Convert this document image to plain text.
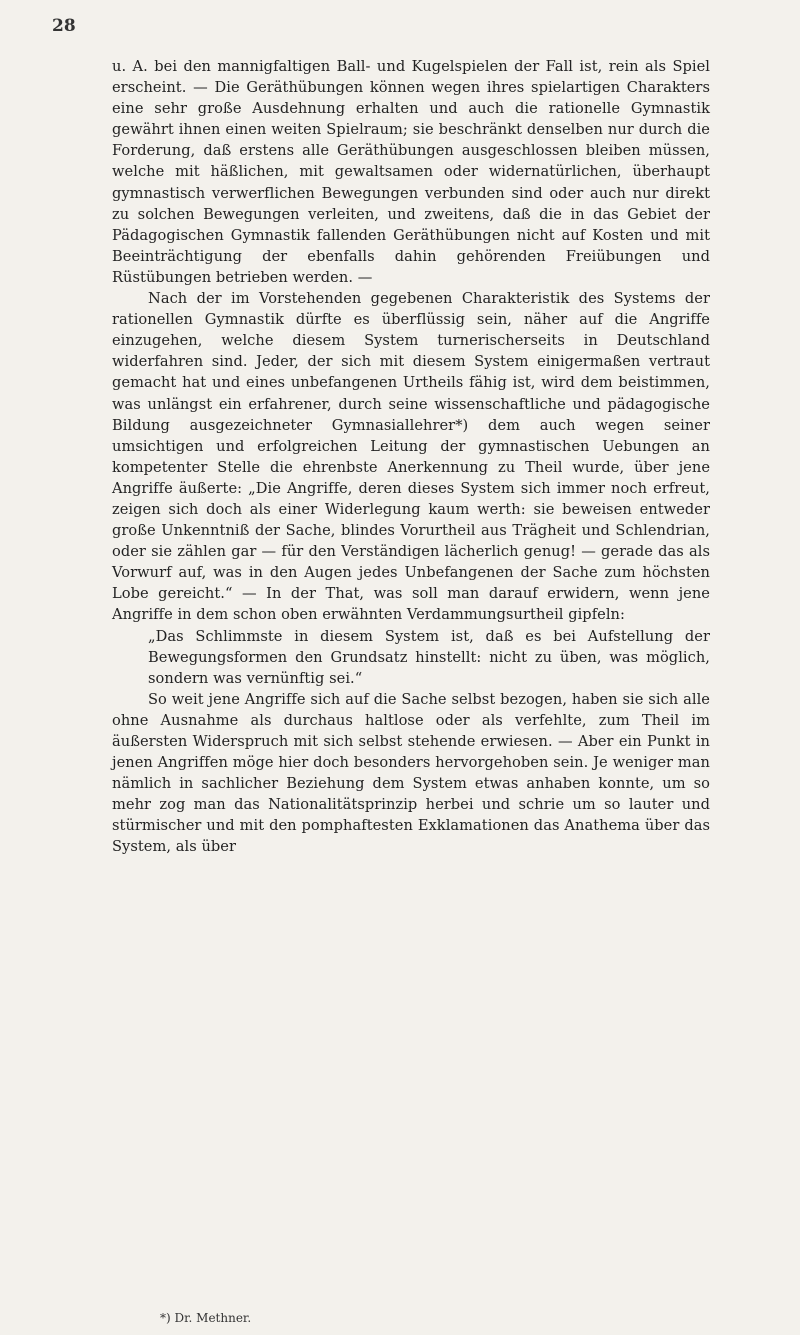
28

u. A. bei den mannigfaltigen Ball- und Kugelspielen der Fall ist, rein als Spiel erscheint. — Die Geräthübungen können wegen ihres spielartigen Charakters eine sehr große Ausdehnung erhalten und auch die rationelle Gymnastik gewährt ihnen einen weiten Spielraum; sie beschränkt denselben nur durch die Forderung, daß erstens alle Geräthübungen ausgeschlossen bleiben müssen, welche mit häßlichen, mit gewaltsamen oder widernatürlichen, überhaupt gymnastisch verwerflichen Bewegungen verbunden sind oder auch nur direkt zu solchen Bewegungen verleiten, und zweitens, daß die in das Gebiet der Pädagogischen Gymnastik fallenden Geräthübungen nicht auf Kosten und mit Beeinträchtigung der ebenfalls dahin gehörenden Freiübungen und Rüstübungen betrieben werden. —

Nach der im Vorstehenden gegebenen Charakteristik des Systems der rationellen Gymnastik dürfte es überflüssig sein, näher auf die Angriffe einzugehen, welche diesem System turnerischerseits in Deutschland widerfahren sind. Jeder, der sich mit diesem System einigermaßen vertraut gemacht hat und eines unbefangenen Urtheils fähig ist, wird dem beistimmen, was unlängst ein erfahrener, durch seine wissenschaftliche und pädagogische Bildung ausgezeichneter Gymnasiallehrer*) dem auch wegen seiner umsichtigen und erfolgreichen Leitung der gymnastischen Uebungen an kompetenter Stelle die ehrenbste Anerkennung zu Theil wurde, über jene Angriffe äußerte: „Die Angriffe, deren dieses System sich immer noch erfreut, zeigen sich doch als einer Widerlegung kaum werth: sie beweisen entweder große Unkenntniß der Sache, blindes Vorurtheil aus Trägheit und Schlendrian, oder sie zählen gar — für den Verständigen lächerlich genug! — gerade das als Vorwurf auf, was in den Augen jedes Unbefangenen der Sache zum höchsten Lobe gereicht.“ — In der That, was soll man darauf erwidern, wenn jene Angriffe in dem schon oben erwähnten Verdammungsurtheil gipfeln:

„Das Schlimmste in diesem System ist, daß es bei Aufstellung der Bewegungsformen den Grundsatz hinstellt: nicht zu üben, was möglich, sondern was vernünftig sei.“

So weit jene Angriffe sich auf die Sache selbst bezogen, haben sie sich alle ohne Ausnahme als durchaus haltlose oder als verfehlte, zum Theil im äußersten Widerspruch mit sich selbst stehende erwiesen. — Aber ein Punkt in jenen Angriffen möge hier doch besonders hervorgehoben sein. Je weniger man nämlich in sachlicher Beziehung dem System etwas anhaben konnte, um so mehr zog man das Nationalitätsprinzip herbei und schrie um so lauter und stürmischer und mit den pomphaftesten Exklamationen das Anathema über das System, als über

*) Dr. Methner.
